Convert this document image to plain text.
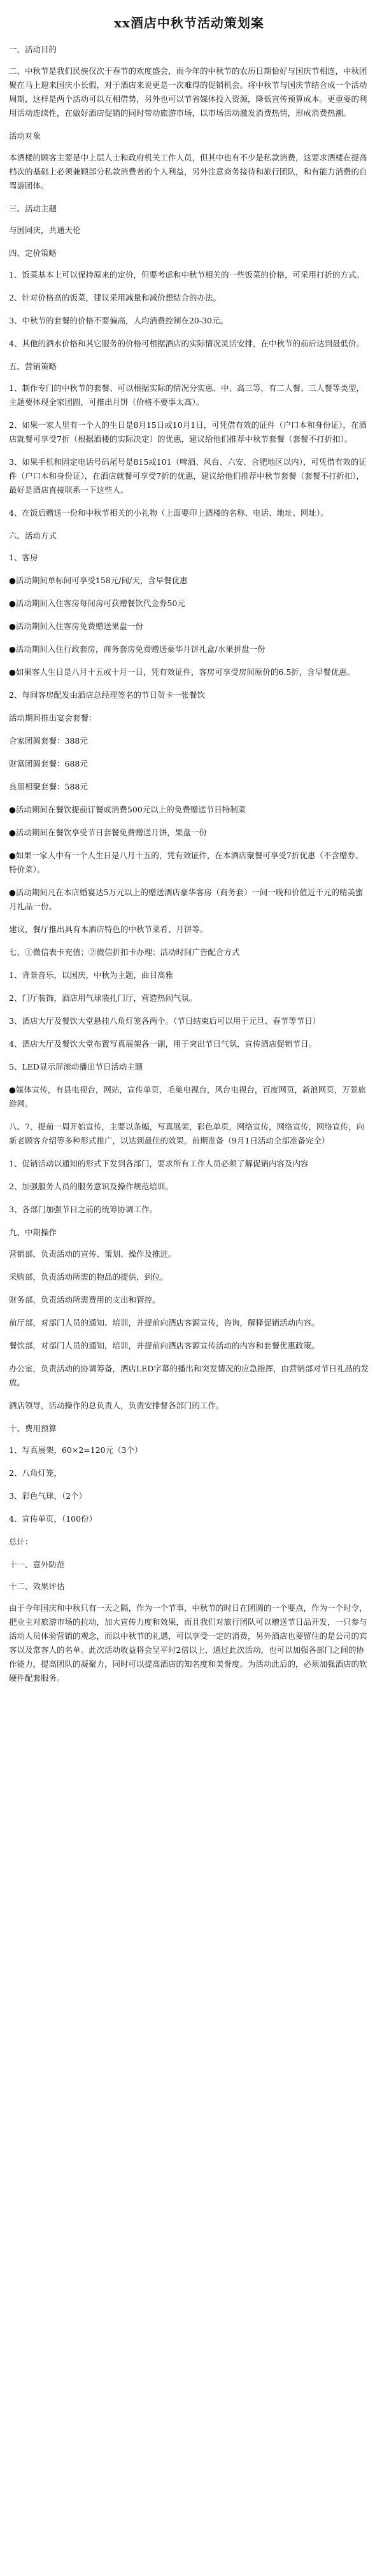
xx酒店中秋节活动策划案
一、活动目的
二、中秋节是我们民族仅次于春节的欢度盛会，而今年的中秋节的农历日期恰好与国庆节相连，中秋团聚在马上迎来国庆小长假，对于酒店来说更是一次难得的促销机会。将中秋节与国庆节结合成一个活动周期，这样是两个活动可以互相借势，另外也可以节省媒体投入资源，降低宣传预算成本。更重要的利用活动连续性，在做好酒店促销的同时带动旅游市场，以市场活动激发消费热情，形成消费热潮。
活动对象
本酒楼的顾客主要是中上层人士和政府机关工作人员，但其中也有不少是私款消费，这要求酒楼在提高档次的基础上必须兼顾部分私款消费者的个人利益，另外注意商务接待和旅行团队，和有能力消费的自驾游团体。
三、活动主题
与国同庆，共通天伦
四、定价策略
1、饭菜基本上可以保持原来的定价，但要考虑和中秋节相关的一些饭菜的价格，可采用打折的方式。
2、针对价格高的饭菜，建议采用减量和减价想结合的办法。
3、中秋节的套餐的价格不要偏高，人均消费控制在20-30元。
4、其他的酒水价格和其它服务的价格可根据酒店的实际情况灵活安排，在中秋节的前后达到最低价。
五、营销策略
1、制作专门的中秋节的套餐、可以根据实际的情况分实惠、中、高三等，有二人餐、三人餐等类型，主题要体现全家团圆，可推出月饼（价格不要事太高）。
2、如果一家人里有一个人的生日是8月15日或10月1日，可凭借有效的证件（户口本和身份证），在酒店就餐可享受7折（根据酒楼的实际决定）的优惠，建议给他们推荐中秋节套餐（套餐不打折扣）。
3、如果手机和固定电话号码尾号是815或101（啤酒、风台、六安、合肥地区以内），可凭借有效的证件（户口本和身份证），在酒店就餐可享受7折的优惠，建议给他们推荐中秋节套餐（套餐不打折扣），最好是酒店直接联系一下这些人。
4、在饭后赠送一份和中秋节相关的小礼物（上面要印上酒楼的名称、电话、地址、网址）。
六、活动方式
1、客房
●活动期间单标间可享受158元/间/天，含早餐优惠
●活动期间入住客房每间房可获赠餐饮代金券50元
●活动期间入住客房免费赠送果盘一份
●活动期间入住行政套房，商务套房免费赠送豪华月饼礼盒/水果拼盘一份
●如果客人生日是八月十五或十月一日，凭有效证件，客房可享受房间原价的6.5折，含早餐优惠。
2、每间客房配发由酒店总经理签名的节日贺卡一张餐饮
活动期间推出宴会套餐：
合家团圆套餐：388元
财富团圆套餐：688元
良朋相聚套餐：588元
●活动期间在餐饮提前订餐或消费500元以上的免费赠送节日特制菜
●活动期间在餐饮享受节日套餐免费赠送月饼，果盘一份
●如果一家人中有一个人生日是八月十五的，凭有效证件，在本酒店聚餐可享受7折优惠（不含赠券、特价菜）。
●活动期间凡在本店婚宴达5万元以上的赠送酒店豪华客房（商务套）一间一晚和价值近千元的精美蜜月礼品一份。
建议，餐厅推出具有本酒店特色的中秋节菜肴、月饼等。
七、①微信表卡充值；②微信折扣卡办理；活动时间广告配合方式
1、背景音乐，以国庆，中秋为主题，曲目高雅
2、门厅装饰，酒店用气球装扎门厅，营造热闹气氛。
3、酒店大厅及餐饮大堂悬挂八角灯笼各两个。（节日结束后可以用于元旦、春节等节日）
4、酒店大厅及餐饮大堂布置写真展架各一副，用于突出节日气氛，宣传酒店促销节日。
5、LED显示屏滚动播出节日活动主题
●媒体宣传，有县电视台，网站，宣传单页，毛巢电视台，风台电视台，百度网页，新浪网页，万景旅游网。
八、7、提前一周开始宣传，主要以条幅，写真展架，彩色单页，网络宣传，网络宣传，网络宣传，向新老顾客介绍等多种形式推广，以达到最佳的效果。前期准备（9月1日活动全部准备完全）
1、促销活动以通知的形式下发到各部门，要求所有工作人员必须了解促销内容及内容
2、加强服务人员的服务意识及操作规范培训。
3、各部门加强节日之前的统筹协调工作。
九、中期操作
营销部，负责活动的宣传、策划、操作及推进。
采购部，负责活动所需的物品的提供，到位。
财务部，负责活动所需费用的支出和管控。
前厅部，对部门人员的通知、培训，并提前向酒店客源宣传，咨询，解释促销活动内容。
餐饮部，对部门人员的通知，培训，并提前向酒店客源宣传活动的内容和套餐优惠政策。
办公室，负责活动的协调筹备，酒店LED字幕的播出和突发情况的应急指挥，由营销部对节日礼品的发放。
酒店领导，活动操作的总负责人，负责安排督各部门的工作。
十、费用预算
1、写真展架，60×2=120元（3个）
2、八角灯笼，
3、彩色气球，（2个）
4、宣传单页，（100份）
总计：
十一、意外防范
十二、效果评估
由于今年国庆和中秋只有一天之隔，作为一个节事，中秋节的时日在团圆的一个要点，作为一个时令，把业主对旅游市场的拉动，加大宣传力度和效果，而且我们对旅行团队可以赠送节日品开发，一只参与活动人员体验营销的观念，而以中秋节的礼遇，可以享受一定的消费，另外酒店也要留住的是公司的宾客以及常客人的名单。此次活动收益将会呈平时2倍以上，通过此次活动，也可以加强各部门之间的协作能力，提高团队的凝聚力，同时可以提高酒店的知名度和美誉度。为活动此后的，必须加强酒店的软硬件配套服务。
